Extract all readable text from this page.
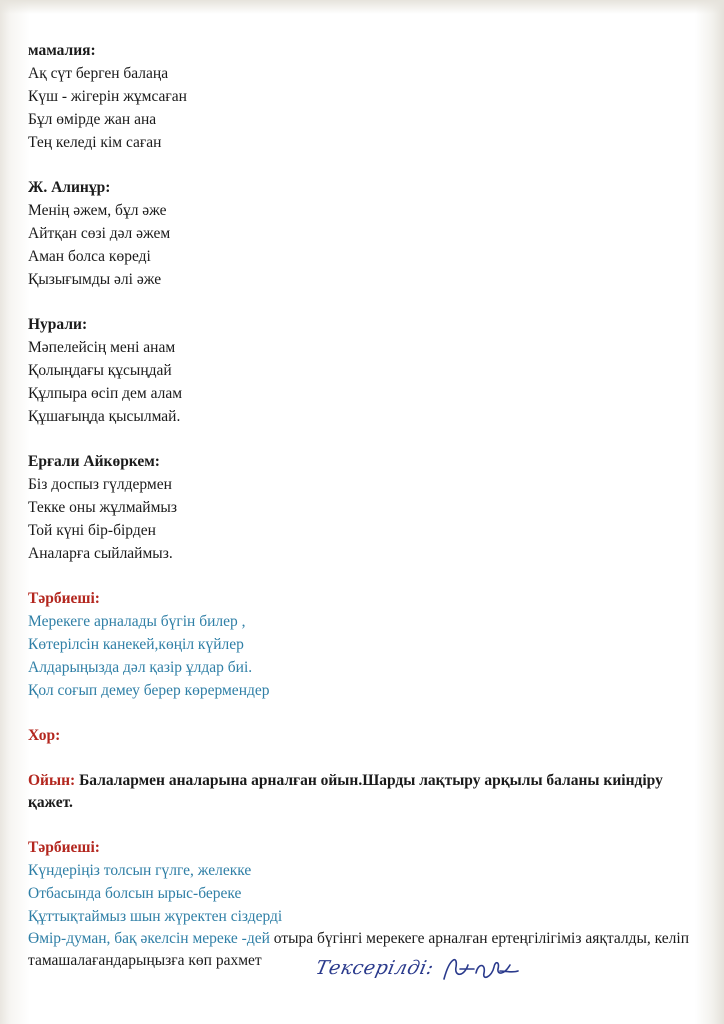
мамалия:
Ақ сүт берген балаңа
Күш - жігерін жұмсаған
Бұл өмірде жан ана
Тең келеді кім саған
Ж. Алинұр:
Менің әжем, бұл әже
Айтқан сөзі дәл әжем
Аман болса көреді
Қызығымды әлі әже
Нурали:
Мәпелейсің мені анам
Қолыңдағы құсыңдай
Құлпыра өсіп дем алам
Құшағыңда қысылмай.
Ерғали Айкөркем:
Біз доспыз гүлдермен
Текке оны жұлмаймыз
Той күні бір-бірден
Аналарға сыйлаймыз.
Тәрбиеші:
Мерекеге арналады бүгін билер ,
Көтерілсін канекей,көңіл күйлер
Алдарыңызда дәл қазір ұлдар биі.
Қол соғып демеу берер көрермендер
Хор:
Ойын: Балалармен аналарына арналған ойын.Шарды лақтыру арқылы баланы киіндіру қажет.
Тәрбиеші:
Күндеріңіз толсын гүлге, желекке
Отбасында болсын ырыс-береке
Құттықтаймыз шын жүректен сіздерді
Өмір-думан, бақ әкелсін мереке -дей отыра бүгінгі мерекеге арналған ертеңгілігіміз аяқталды, келіп тамашалағандарыңызға көп рахмет	Тексерілді:
